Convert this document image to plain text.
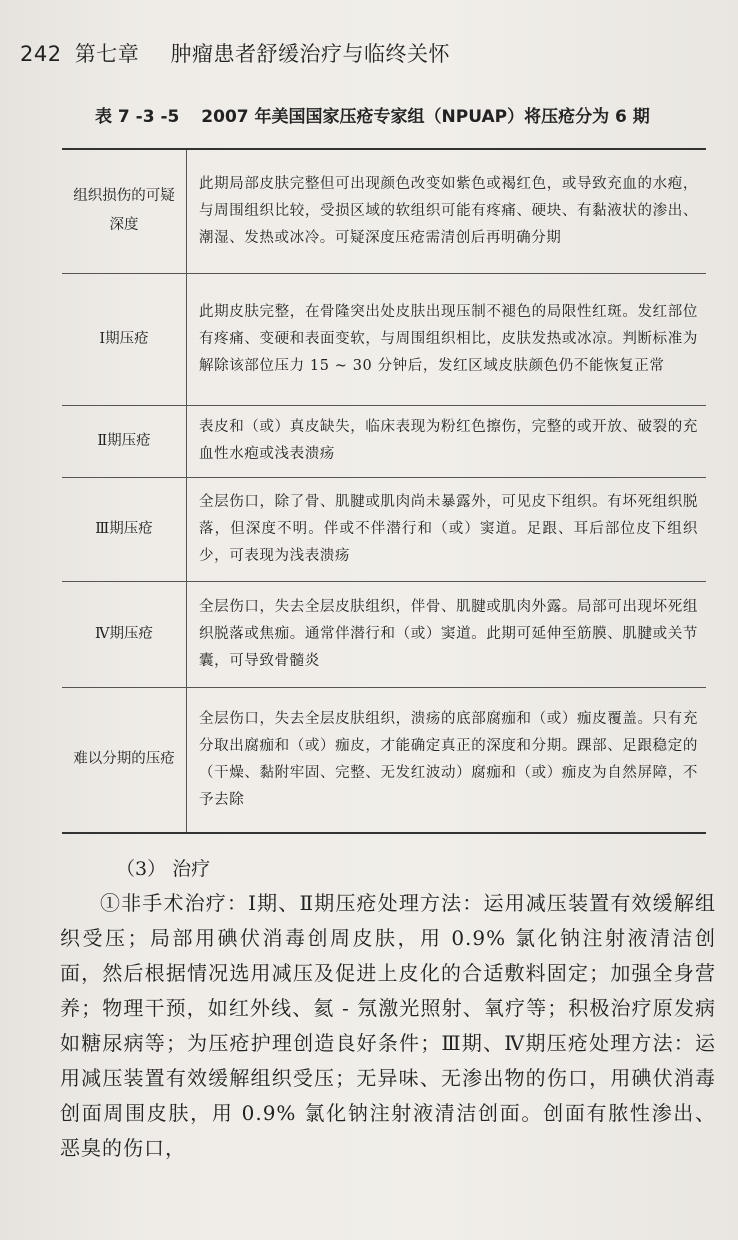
242 第七章 肿瘤患者舒缓治疗与临终关怀
表 7 -3 -5 2007 年美国国家压疮专家组（NPUAP）将压疮分为 6 期
组织损伤的可疑深度	此期局部皮肤完整但可出现颜色改变如紫色或褐红色，或导致充血的水疱，与周围组织比较，受损区域的软组织可能有疼痛、硬块、有黏液状的渗出、潮湿、发热或冰冷。可疑深度压疮需清创后再明确分期
Ⅰ期压疮	此期皮肤完整，在骨隆突出处皮肤出现压制不褪色的局限性红斑。发红部位有疼痛、变硬和表面变软，与周围组织相比，皮肤发热或冰凉。判断标准为解除该部位压力 15 ~ 30 分钟后，发红区域皮肤颜色仍不能恢复正常
Ⅱ期压疮	表皮和（或）真皮缺失，临床表现为粉红色擦伤，完整的或开放、破裂的充血性水疱或浅表溃疡
Ⅲ期压疮	全层伤口，除了骨、肌腱或肌肉尚未暴露外，可见皮下组织。有坏死组织脱落，但深度不明。伴或不伴潜行和（或）窦道。足跟、耳后部位皮下组织少，可表现为浅表溃疡
Ⅳ期压疮	全层伤口，失去全层皮肤组织，伴骨、肌腱或肌肉外露。局部可出现坏死组织脱落或焦痂。通常伴潜行和（或）窦道。此期可延伸至筋膜、肌腱或关节囊，可导致骨髓炎
难以分期的压疮	全层伤口，失去全层皮肤组织，溃疡的底部腐痂和（或）痂皮覆盖。只有充分取出腐痂和（或）痂皮，才能确定真正的深度和分期。踝部、足跟稳定的（干燥、黏附牢固、完整、无发红波动）腐痂和（或）痂皮为自然屏障，不予去除
（3） 治疗

①非手术治疗：Ⅰ期、Ⅱ期压疮处理方法：运用减压装置有效缓解组织受压；局部用碘伏消毒创周皮肤，用 0.9% 氯化钠注射液清洁创面，然后根据情况选用减压及促进上皮化的合适敷料固定；加强全身营养；物理干预，如红外线、氦 - 氖激光照射、氧疗等；积极治疗原发病如糖尿病等；为压疮护理创造良好条件；Ⅲ期、Ⅳ期压疮处理方法：运用减压装置有效缓解组织受压；无异味、无渗出物的伤口，用碘伏消毒创面周围皮肤，用 0.9% 氯化钠注射液清洁创面。创面有脓性渗出、恶臭的伤口，
